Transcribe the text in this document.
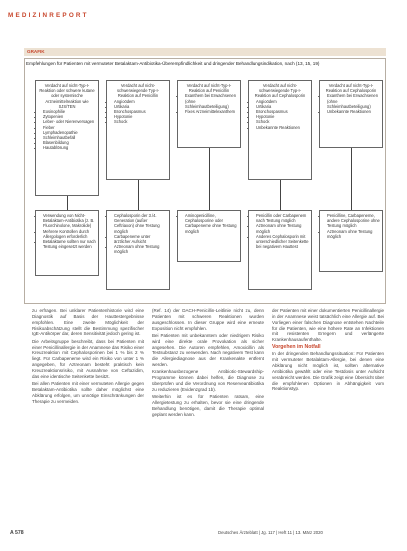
MEDIZINREPORT
GRAFIK
Empfehlungen für Patienten mit vermuteter Betalaktam-Antibiotika-Überempfindlichkeit und dringender Behandlungsindikation, nach (13, 15, 19)
Verdacht auf nicht-Typ-I-Reaktion oder schwere kutane oder systemische Arzneimittelreaktion wie SJS/TEN
• Eosinophilie
• Zytopenien
• Leber- oder Nierenversagen
• Fieber
• Lymphadenopathie
• Schleimhautbefall
• Blasenbildung
• Hautablösung
Verdacht auf nicht-schwerwiegende Typ-I-Reaktion auf Penicillin
• Angioödem
• Urtikaria
• Bronchospasmus
• Hypotonie
• Schock
Verdacht auf nicht-Typ-I-Reaktion auf Penicillin
• Exanthem bei Erwachsenen (ohne Schleimhautbeteiligung)
• Fixes Arzneimittelexanthem
Verdacht auf nicht-schwerwiegende Typ-I-Reaktion auf Cephalosporin
• Angioödem
• Urtikaria
• Bronchospasmus
• Hypotonie
• Schock
• Unbekannte Reaktionen
Verdacht auf nicht-Typ-I-Reaktion auf Cephalosporin
• Exanthem bei Erwachsenen (ohne Schleimhautbeteiligung)
• Unbekannte Reaktionen
• Verwendung von Nicht-Betalaktam-Antibiotika (z. B. Fluorchinolone, Makrolide)
• Mehrere Kontrollen durch Allergologen erforderlich
• Betalaktame sollten nur nach Testung eingesetzt werden
• Cephalosporin der 3./4. Generation (außer Ceftriaxon) ohne Testung möglich
• Carbapeneme unter ärztlicher Aufsicht
• Aztreonam ohne Testung möglich
• Aminopenicilline, Cephalosporine oder Carbapeneme ohne Testung möglich
• Penicillin oder Carbapenem nach Testung möglich
• Aztreonam ohne Testung möglich
• Anderes Cephalosporin mit unterschiedlicher Seitenkette bei negativem Hauttest
• Penicilline, Carbapeneme, andere Cephalosporine ohne Testung möglich
• Aztreonam ohne Testung möglich

zu erfragen. Bei unklarer Patientenhistorie wird eine Diagnostik auf Basis der Hauttestergebnisse empfohlen. Eine zweite Möglichkeit der Risikoabschätzung stellt die Bestimmung spezifischer IgE-Antikörper dar, deren Sensitivität jedoch gering ist.

Die Arbeitsgruppe beschreibt, dass bei Patienten mit einer Penicillinallergie in der Anamnese das Risiko einer Kreuzreaktion mit Cephalosporinen bei 1 % bis 2 % liegt. Für Carbapeneme wird ein Risiko von unter 1 % angegeben, für Aztreonam besteht praktisch kein Kreuzreaktionsrisiko, mit Ausnahme von Ceftazidim, das eine identische Seitenkette besitzt.

Bei allen Patienten mit einer vermuteten Allergie gegen Betalaktam-Antibiotika sollte daher möglichst eine Abklärung erfolgen, um unnötige Einschränkungen der Therapie zu vermeiden.

(Ref. 14) der DACH-Penicillin-Leitlinie nicht zu, denn Patienten mit schweren Reaktionen wurden ausgeschlossen. In dieser Gruppe wird eine erneute Exposition nicht empfohlen.

Bei Patienten mit unbekanntem oder niedrigem Risiko wird eine direkte orale Provokation als sicher angesehen. Die Autoren empfehlen, Amoxicillin als Testsubstanz zu verwenden. Nach negativem Test kann die Allergiediagnose aus der Krankenakte entfernt werden.

Krankenhausbezogene Antibiotic-Stewardship-Programme können dabei helfen, die Diagnose zu überprüfen und die Verordnung von Reserveantibiotika zu reduzieren (Evidenzgrad 1b).

Weiterhin ist es für Patienten ratsam, eine Allergietestung zu erhalten, bevor sie eine dringende Behandlung benötigen, damit die Therapie optimal geplant werden kann.

der Patienten mit einer dokumentierten Penicillinallergie in der Anamnese weist tatsächlich eine Allergie auf. Bei Vorliegen einer falschen Diagnose entstehen Nachteile für die Patienten, wie eine höhere Rate an Infektionen mit resistenten Erregern und verlängerte Krankenhausaufenthalte.

Vorgehen im Notfall

In der dringenden Behandlungssituation: Für Patienten mit vermuteter Betalaktam-Allergie, bei denen eine Abklärung nicht möglich ist, sollten alternative Antibiotika gewählt oder eine Testdosis unter Aufsicht verabreicht werden. Die Grafik zeigt eine Übersicht über die empfohlenen Optionen in Abhängigkeit vom Reaktionstyp.

A 578	Deutsches Ärzteblatt | Jg. 117 | Heft 11 | 13. März 2020
